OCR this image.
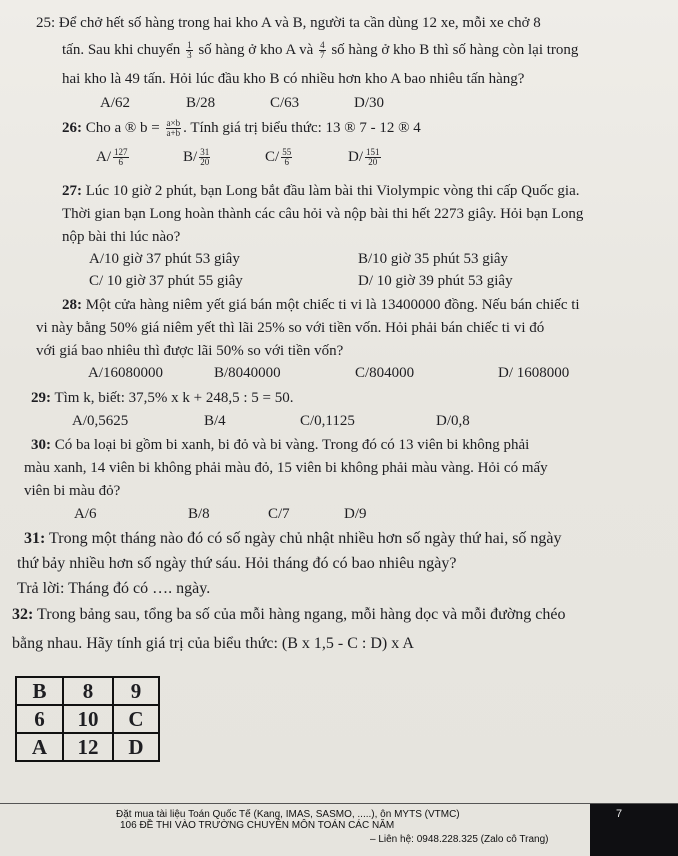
25: Để chở hết số hàng trong hai kho A và B, người ta cần dùng 12 xe, mỗi xe chở 8
tấn. Sau khi chuyển $\frac{1}{3}$ số hàng ở kho A và $\frac{4}{7}$ số hàng ở kho B thì số hàng còn lại trong
hai kho là 49 tấn. Hỏi lúc đầu kho B có nhiều hơn kho A bao nhiêu tấn hàng?
A/62	B/28	C/63	D/30
26: Cho a ® $b = \frac{a\times b}{a+b}$ . Tính giá trị biểu thức: 13 ® 7 - 12 ® 4
$A/ \frac{127}{6}$	$B/ \frac{31}{20}$	$C/ \frac{55}{6}$	$D/ \frac{151}{20}$
27: Lúc 10 giờ 2 phút, bạn Long bắt đầu làm bài thi Violympic vòng thi cấp Quốc gia.
Thời gian bạn Long hoàn thành các câu hỏi và nộp bài thi hết 2273 giây. Hỏi bạn Long
nộp bài thi lúc nào?
A/10 giờ 37 phút 53 giây	B/10 giờ 35 phút 53 giây
C/ 10 giờ 37 phút 55 giây	D/ 10 giờ 39 phút 53 giây
28: Một cửa hàng niêm yết giá bán một chiếc ti vi là 13400000 đồng. Nếu bán chiếc ti
vi này bằng 50% giá niêm yết thì lãi 25% so với tiền vốn. Hỏi phải bán chiếc ti vi đó
với giá bao nhiêu thì được lãi 50% so với tiền vốn?
A/16080000	B/8040000	C/804000	D/ 1608000
29: Tìm k, biết: 37,5% x k + 248,5 : 5 = 50.
A/0,5625	B/4	C/0,1125	D/0,8
30: Có ba loại bi gồm bi xanh, bi đỏ và bi vàng. Trong đó có 13 viên bi không phải
màu xanh, 14 viên bi không phải màu đỏ, 15 viên bi không phải màu vàng. Hỏi có mấy
viên bi màu đỏ?
A/6	B/8	C/7	D/9
31: Trong một tháng nào đó có số ngày chủ nhật nhiều hơn số ngày thứ hai, số ngày
thứ bảy nhiều hơn số ngày thứ sáu. Hỏi tháng đó có bao nhiêu ngày?
Trả lời: Tháng đó có …. ngày.
32: Trong bảng sau, tổng ba số của mỗi hàng ngang, mỗi hàng dọc và mỗi đường chéo
bằng nhau. Hãy tính giá trị của biểu thức: (B x 1,5 - C : D) x A
B	8	9
6	10	C
A	12	D
Đặt mua tài liệu Toán Quốc Tế (Kang, IMAS, SASMO, .....), ôn MYTS (VTMC)
106 ĐỀ THI VÀO TRƯỜNG CHUYÊN MÔN TOÁN CÁC NĂM
– Liên hệ: 0948.228.325 (Zalo cô Trang)
7
